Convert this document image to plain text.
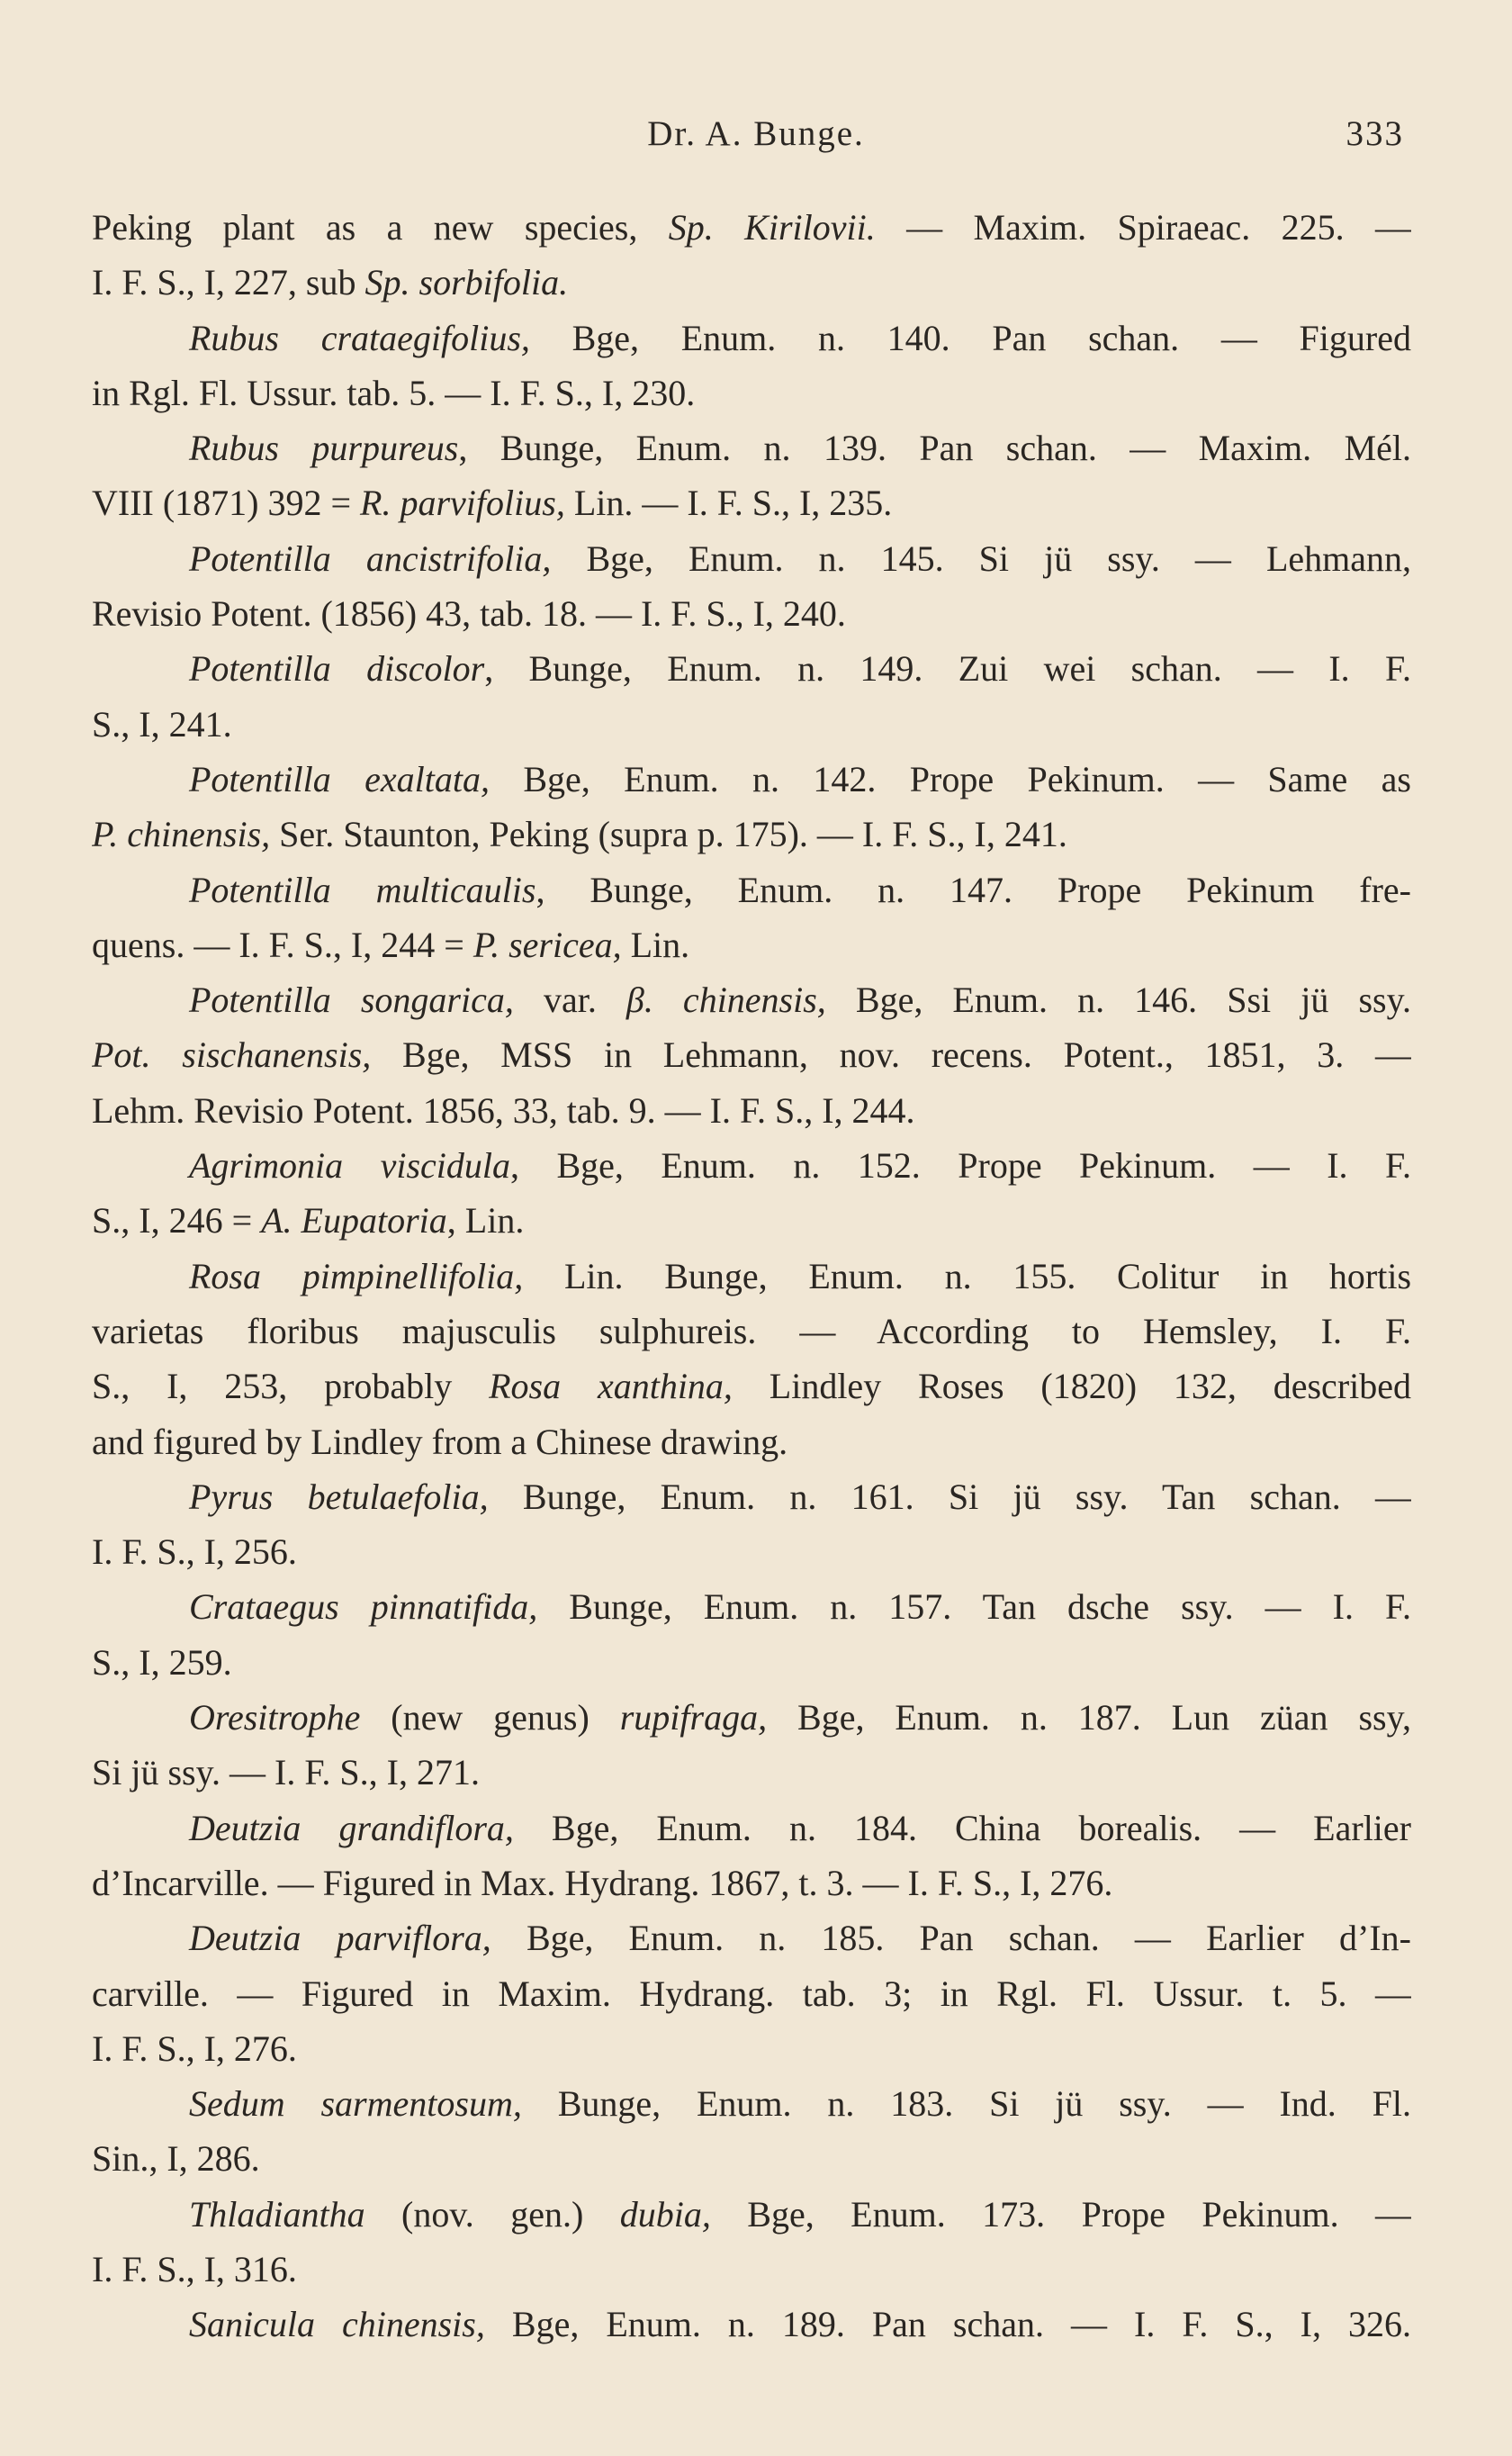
Dr. A. Bunge.	333
Peking plant as a new species, Sp. Kirilovii. — Maxim. Spiraeac. 225. —
I. F. S., I, 227, sub Sp. sorbifolia.
Rubus crataegifolius, Bge, Enum. n. 140. Pan schan. — Figured
in Rgl. Fl. Ussur. tab. 5. — I. F. S., I, 230.
Rubus purpureus, Bunge, Enum. n. 139. Pan schan. — Maxim. Mél.
VIII (1871) 392 = R. parvifolius, Lin. — I. F. S., I, 235.
Potentilla ancistrifolia, Bge, Enum. n. 145. Si jü ssy. — Lehmann,
Revisio Potent. (1856) 43, tab. 18. — I. F. S., I, 240.
Potentilla discolor, Bunge, Enum. n. 149. Zui wei schan. — I. F.
S., I, 241.
Potentilla exaltata, Bge, Enum. n. 142. Prope Pekinum. — Same as
P. chinensis, Ser. Staunton, Peking (supra p. 175). — I. F. S., I, 241.
Potentilla multicaulis, Bunge, Enum. n. 147. Prope Pekinum fre-
quens. — I. F. S., I, 244 = P. sericea, Lin.
Potentilla songarica, var. β. chinensis, Bge, Enum. n. 146. Ssi jü ssy.
Pot. sischanensis, Bge, MSS in Lehmann, nov. recens. Potent., 1851, 3. —
Lehm. Revisio Potent. 1856, 33, tab. 9. — I. F. S., I, 244.
Agrimonia viscidula, Bge, Enum. n. 152. Prope Pekinum. — I. F.
S., I, 246 = A. Eupatoria, Lin.
Rosa pimpinellifolia, Lin. Bunge, Enum. n. 155. Colitur in hortis
varietas floribus majusculis sulphureis. — According to Hemsley, I. F.
S., I, 253, probably Rosa xanthina, Lindley Roses (1820) 132, described
and figured by Lindley from a Chinese drawing.
Pyrus betulaefolia, Bunge, Enum. n. 161. Si jü ssy. Tan schan. —
I. F. S., I, 256.
Crataegus pinnatifida, Bunge, Enum. n. 157. Tan dsche ssy. — I. F.
S., I, 259.
Oresitrophe (new genus) rupifraga, Bge, Enum. n. 187. Lun züan ssy,
Si jü ssy. — I. F. S., I, 271.
Deutzia grandiflora, Bge, Enum. n. 184. China borealis. — Earlier
d’Incarville. — Figured in Max. Hydrang. 1867, t. 3. — I. F. S., I, 276.
Deutzia parviflora, Bge, Enum. n. 185. Pan schan. — Earlier d’In-
carville. — Figured in Maxim. Hydrang. tab. 3; in Rgl. Fl. Ussur. t. 5. —
I. F. S., I, 276.
Sedum sarmentosum, Bunge, Enum. n. 183. Si jü ssy. — Ind. Fl.
Sin., I, 286.
Thladiantha (nov. gen.) dubia, Bge, Enum. 173. Prope Pekinum. —
I. F. S., I, 316.
Sanicula chinensis, Bge, Enum. n. 189. Pan schan. — I. F. S., I, 326.
